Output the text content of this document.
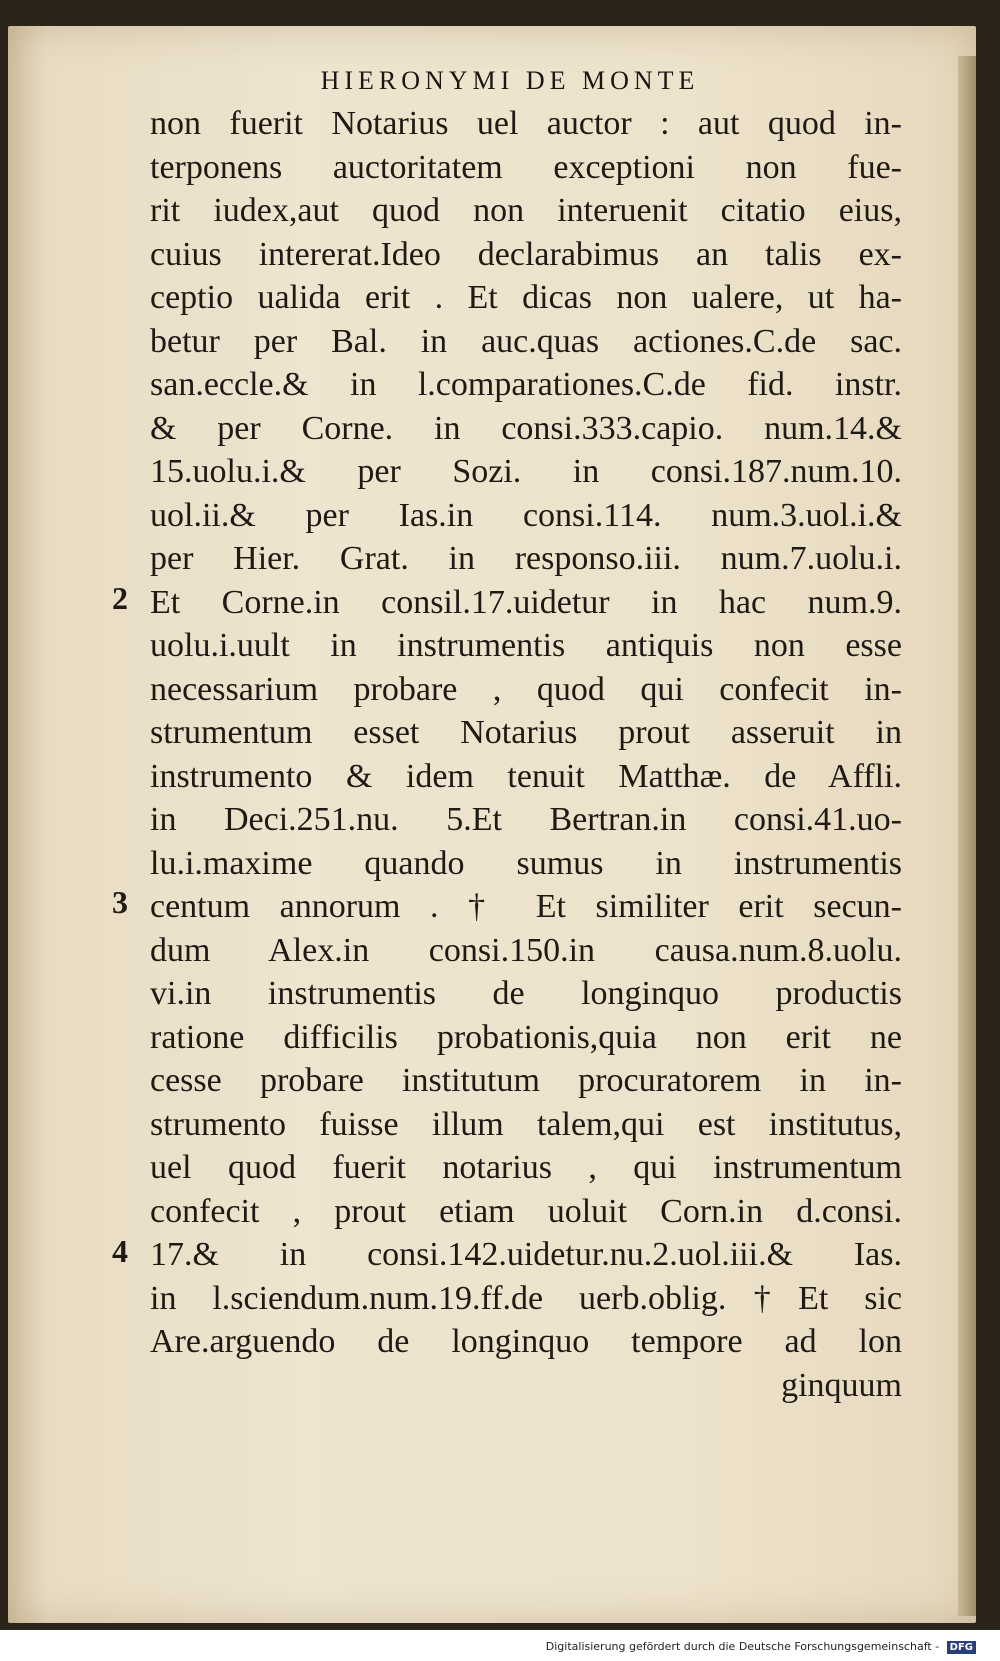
HIERONYMI DE MONTE
2
3
4
non fuerit Notarius uel auctor : aut quod in-
terponens auctoritatem exceptioni non fue-
rit iudex,aut quod non interuenit citatio eius,
cuius intererat.Ideo declarabimus an talis ex-
ceptio ualida erit . Et dicas non ualere, ut ha-
betur per Bal. in auc.quas actiones.C.de sac.
san.eccle.& in l.comparationes.C.de fid. instr.
& per Corne. in consi.333.capio. num.14.&
15.uolu.i.& per Sozi. in consi.187.num.10.
uol.ii.& per Ias.in consi.114. num.3.uol.i.&
per Hier. Grat. in responso.iii. num.7.uolu.i.
Et Corne.in consil.17.uidetur in hac num.9.
uolu.i.uult in instrumentis antiquis non esse
necessarium probare , quod qui confecit in-
strumentum esset Notarius prout asseruit in
instrumento & idem tenuit Matthæ. de Affli.
in Deci.251.nu. 5.Et Bertran.in consi.41.uo-
lu.i.maxime quando sumus in instrumentis
centum annorum . † Et similiter erit secun-
dum Alex.in consi.150.in causa.num.8.uolu.
vi.in instrumentis de longinquo productis
ratione difficilis probationis,quia non erit ne
cesse probare institutum procuratorem in in-
strumento fuisse illum talem,qui est institutus,
uel quod fuerit notarius , qui instrumentum
confecit , prout etiam uoluit Corn.in d.consi.
17.& in consi.142.uidetur.nu.2.uol.iii.& Ias.
in l.sciendum.num.19.ff.de uerb.oblig.†Et sic
Are.arguendo de longinquo tempore ad lon
ginquum
Digitalisierung gefördert durch die Deutsche Forschungsgemeinschaft - DFG
